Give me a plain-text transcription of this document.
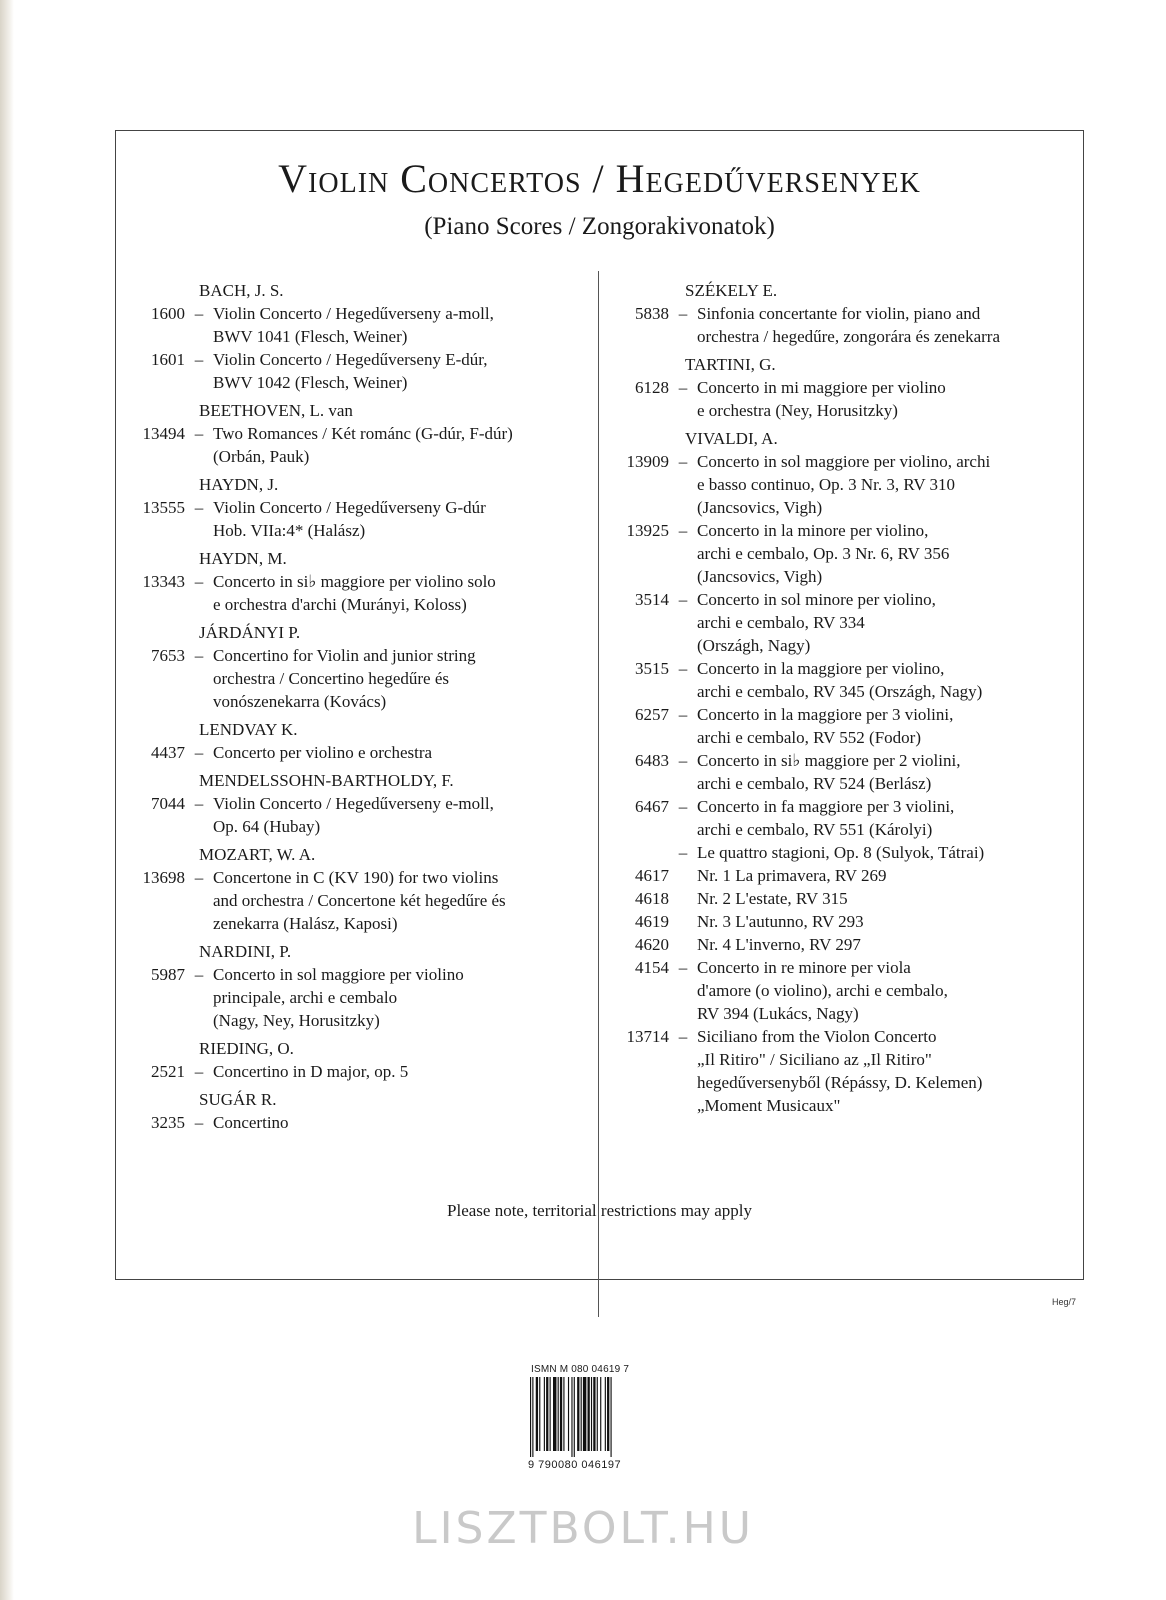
Violin Concertos / Hegedűversenyek
(Piano Scores / Zongorakivonatok)
BACH, J. S.
1600 – Violin Concerto / Hegedűverseny a-moll,
BWV 1041 (Flesch, Weiner)
1601 – Violin Concerto / Hegedűverseny E-dúr,
BWV 1042 (Flesch, Weiner)
BEETHOVEN, L. van
13494 – Two Romances / Két románc (G-dúr, F-dúr)
(Orbán, Pauk)
HAYDN, J.
13555 – Violin Concerto / Hegedűverseny G-dúr
Hob. VIIa:4* (Halász)
HAYDN, M.
13343 – Concerto in si♭ maggiore per violino solo
e orchestra d'archi (Murányi, Koloss)
JÁRDÁNYI P.
7653 – Concertino for Violin and junior string
orchestra / Concertino hegedűre és
vonószenekarra (Kovács)
LENDVAY K.
4437 – Concerto per violino e orchestra
MENDELSSOHN-BARTHOLDY, F.
7044 – Violin Concerto / Hegedűverseny e-moll,
Op. 64 (Hubay)
MOZART, W. A.
13698 – Concertone in C (KV 190) for two violins
and orchestra / Concertone két hegedűre és
zenekarra (Halász, Kaposi)
NARDINI, P.
5987 – Concerto in sol maggiore per violino
principale, archi e cembalo
(Nagy, Ney, Horusitzky)
RIEDING, O.
2521 – Concertino in D major, op. 5
SUGÁR R.
3235 – Concertino
SZÉKELY E.
5838 – Sinfonia concertante for violin, piano and
orchestra / hegedűre, zongorára és zenekarra
TARTINI, G.
6128 – Concerto in mi maggiore per violino
e orchestra (Ney, Horusitzky)
VIVALDI, A.
13909 – Concerto in sol maggiore per violino, archi
e basso continuo, Op. 3 Nr. 3, RV 310
(Jancsovics, Vigh)
13925 – Concerto in la minore per violino,
archi e cembalo, Op. 3 Nr. 6, RV 356
(Jancsovics, Vigh)
3514 – Concerto in sol minore per violino,
archi e cembalo, RV 334
(Országh, Nagy)
3515 – Concerto in la maggiore per violino,
archi e cembalo, RV 345 (Országh, Nagy)
6257 – Concerto in la maggiore per 3 violini,
archi e cembalo, RV 552 (Fodor)
6483 – Concerto in si♭ maggiore per 2 violini,
archi e cembalo, RV 524 (Berlász)
6467 – Concerto in fa maggiore per 3 violini,
archi e cembalo, RV 551 (Károlyi)
– Le quattro stagioni, Op. 8 (Sulyok, Tátrai)
4617 Nr. 1 La primavera, RV 269
4618 Nr. 2 L'estate, RV 315
4619 Nr. 3 L'autunno, RV 293
4620 Nr. 4 L'inverno, RV 297
4154 – Concerto in re minore per viola
d'amore (o violino), archi e cembalo,
RV 394 (Lukács, Nagy)
13714 – Siciliano from the Violon Concerto
„Il Ritiro" / Siciliano az „Il Ritiro"
hegedűversenyből (Répássy, D. Kelemen)
„Moment Musicaux"
Please note, territorial restrictions may apply
Heg/7
ISMN M 080 04619 7
9 790080 046197
LISZTBOLT.HU
